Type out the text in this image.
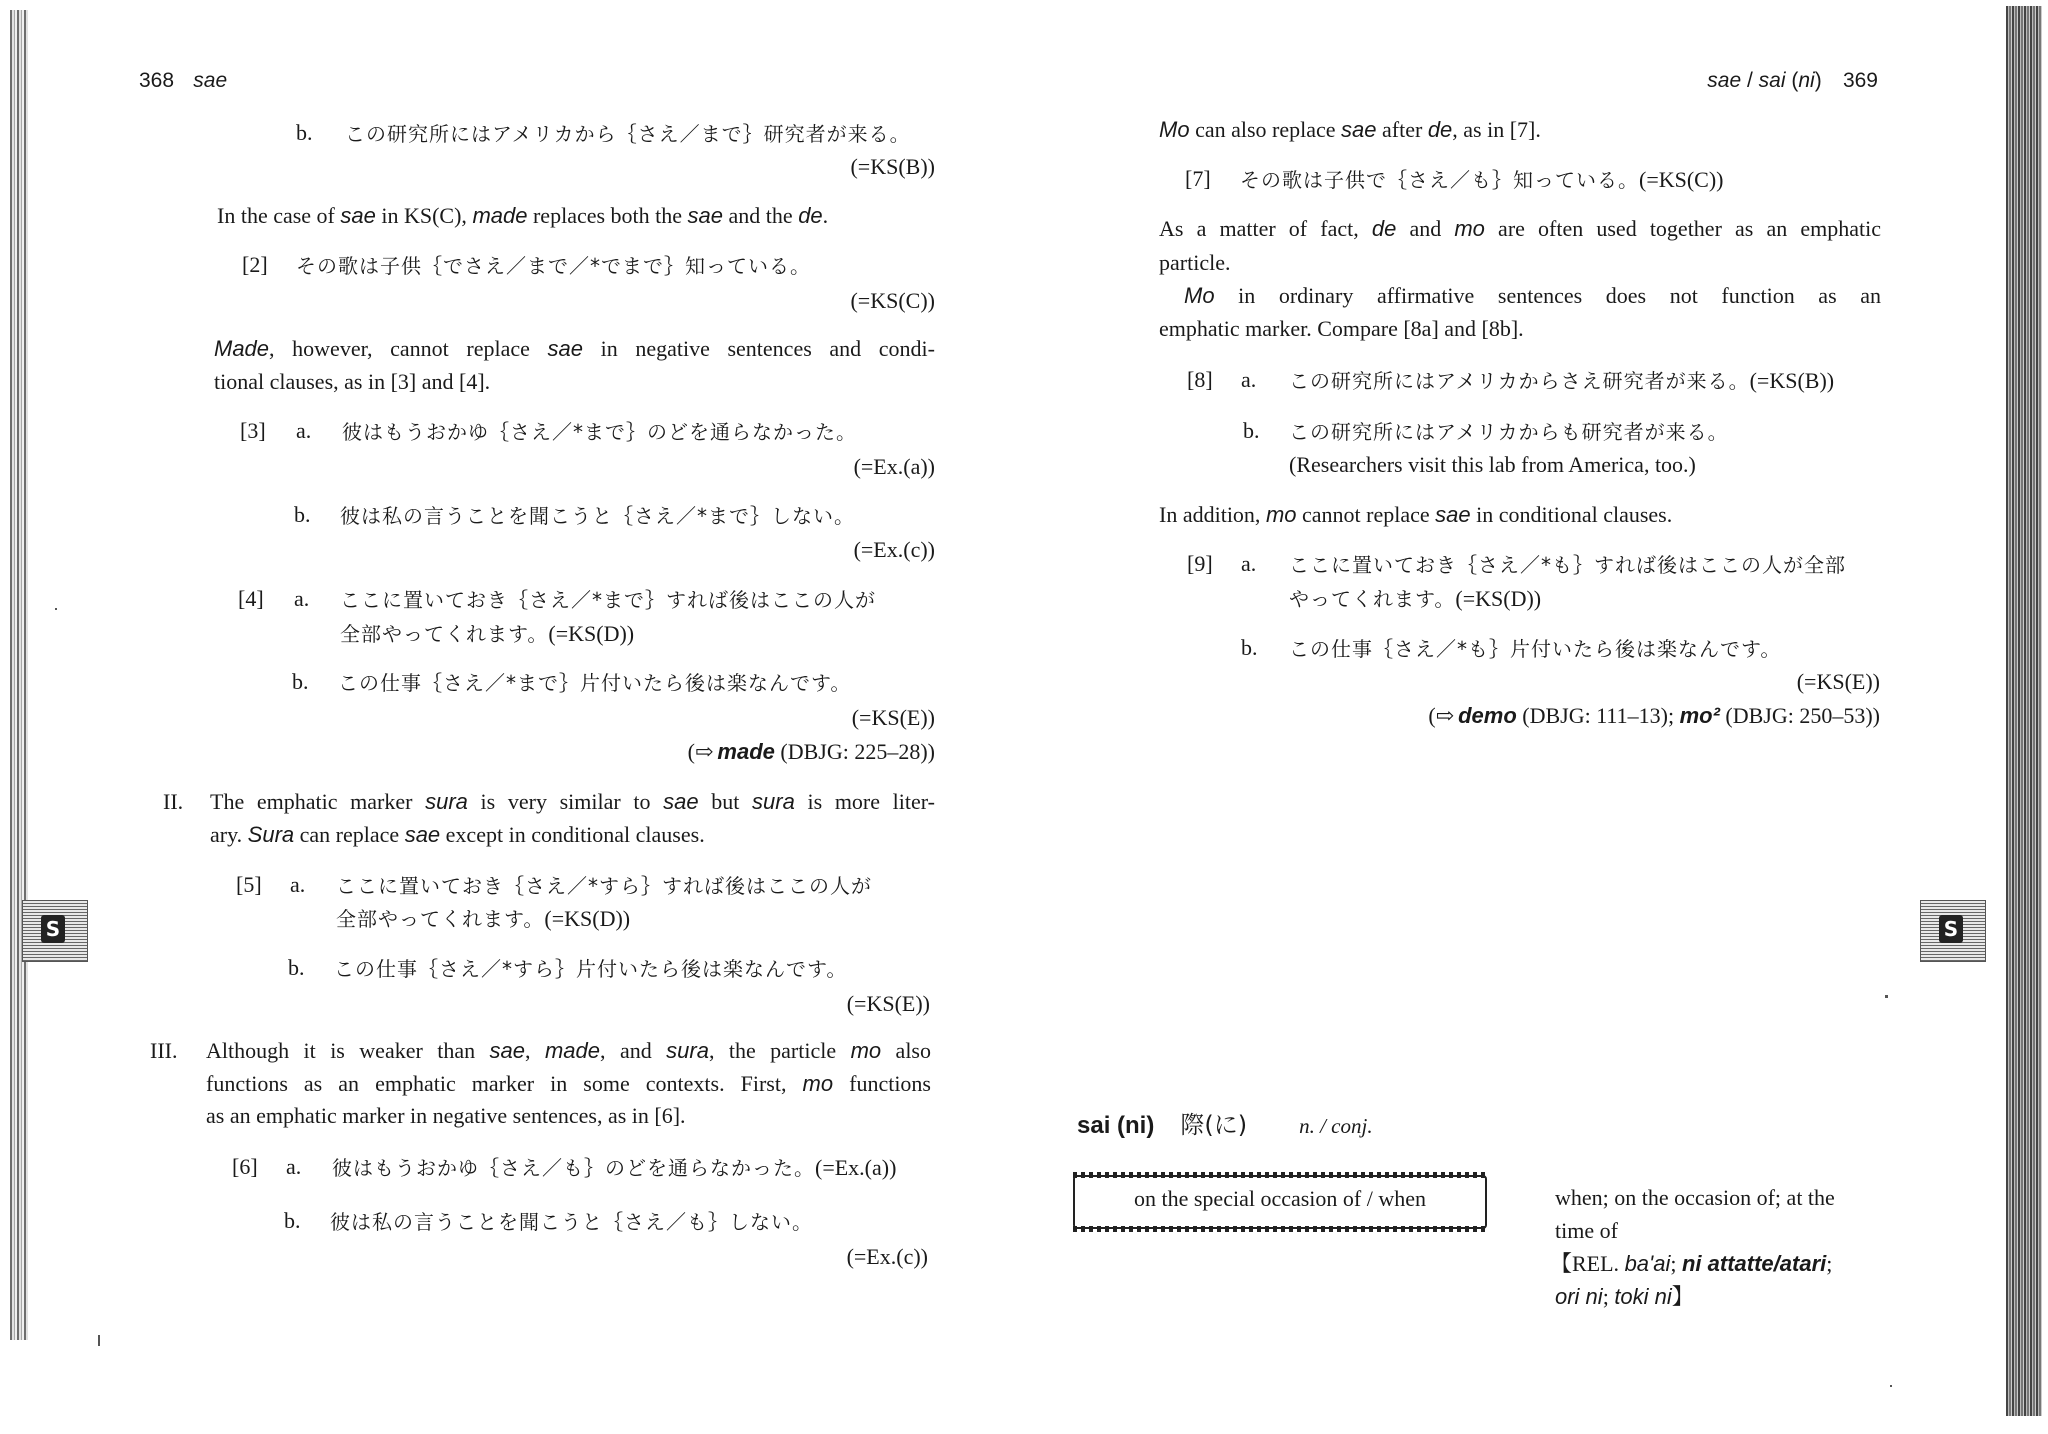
S
368 sae
b. この研究所にはアメリカから｛さえ／まで｝研究者が来る。
(=KS(B))
In the case of sae in KS(C), made replaces both the sae and the de.
[2] その歌は子供｛でさえ／まで／*でまで｝知っている。
(=KS(C))
Made, however, cannot replace sae in negative sentences and condi-
tional clauses, as in [3] and [4].
[3] a. 彼はもうおかゆ｛さえ／*まで｝のどを通らなかった。
(=Ex.(a))
b. 彼は私の言うことを聞こうと｛さえ／*まで｝しない。
(=Ex.(c))
[4] a. ここに置いておき｛さえ／*まで｝すれば後はここの人が
全部やってくれます。(=KS(D))
b. この仕事｛さえ／*まで｝片付いたら後は楽なんです。
(=KS(E))
(⇨ made (DBJG: 225–28))
II. The emphatic marker sura is very similar to sae but sura is more liter-
ary. Sura can replace sae except in conditional clauses.
[5] a. ここに置いておき｛さえ／*すら｝すれば後はここの人が
全部やってくれます。(=KS(D))
b. この仕事｛さえ／*すら｝片付いたら後は楽なんです。
(=KS(E))
III. Although it is weaker than sae, made, and sura, the particle mo also
functions as an emphatic marker in some contexts. First, mo functions
as an emphatic marker in negative sentences, as in [6].
[6] a. 彼はもうおかゆ｛さえ／も｝のどを通らなかった。(=Ex.(a))
b. 彼は私の言うことを聞こうと｛さえ／も｝しない。
(=Ex.(c))
S
sae / sai (ni) 369
Mo can also replace sae after de, as in [7].
[7] その歌は子供で｛さえ／も｝知っている。(=KS(C))
As a matter of fact, de and mo are often used together as an emphatic
particle.
Mo in ordinary affirmative sentences does not function as an
emphatic marker. Compare [8a] and [8b].
[8] a. この研究所にはアメリカからさえ研究者が来る。(=KS(B))
b. この研究所にはアメリカからも研究者が来る。
(Researchers visit this lab from America, too.)
In addition, mo cannot replace sae in conditional clauses.
[9] a. ここに置いておき｛さえ／*も｝すれば後はここの人が全部
やってくれます。(=KS(D))
b. この仕事｛さえ／*も｝片付いたら後は楽なんです。
(=KS(E))
(⇨ demo (DBJG: 111–13); mo² (DBJG: 250–53))
sai (ni) 際(に) n. / conj.
on the special occasion of / when	when; on the occasion of; at the
time of
【REL. ba'ai; ni attatte/atari;
ori ni; toki ni】
